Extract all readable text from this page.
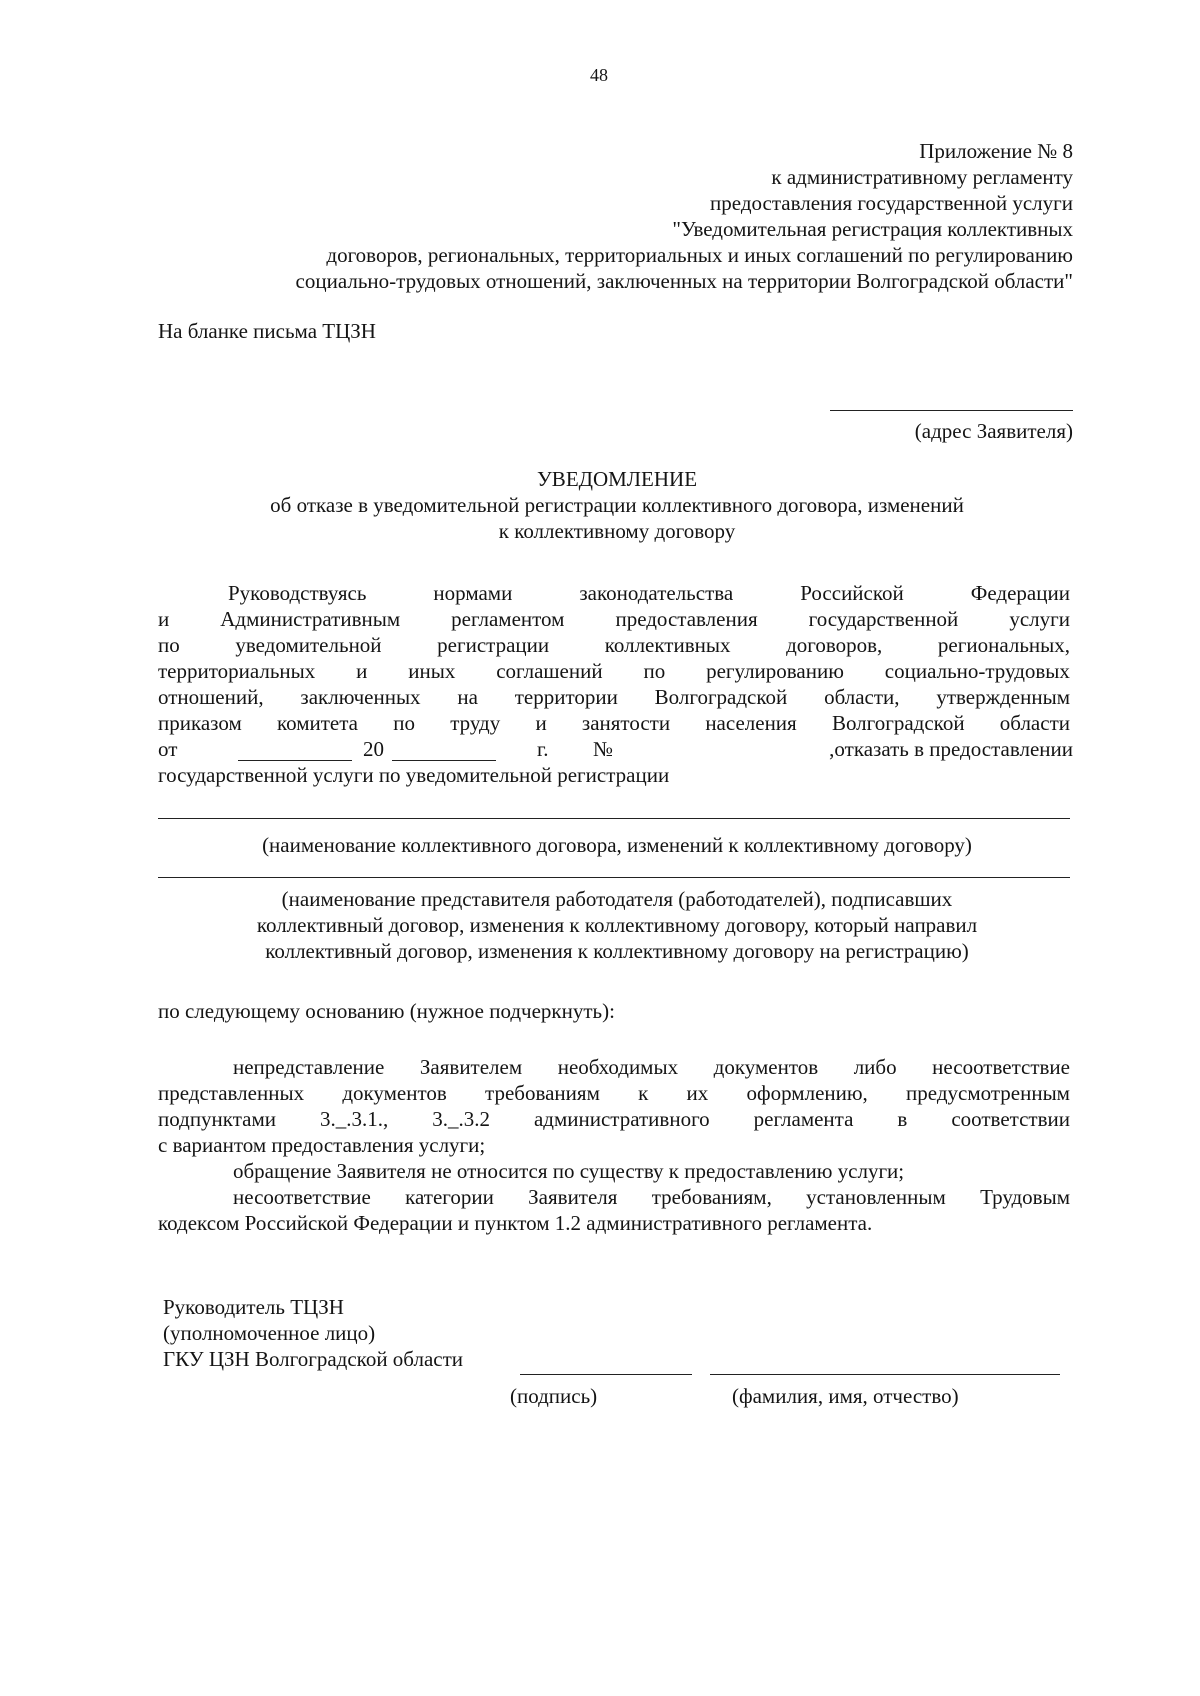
48
Приложение № 8
к административному регламенту
предоставления государственной услуги
"Уведомительная регистрация коллективных
договоров, региональных, территориальных и иных соглашений по регулированию
социально-трудовых отношений, заключенных на территории Волгоградской области"
На бланке письма ТЦЗН
(адрес Заявителя)
УВЕДОМЛЕНИЕ
об отказе в уведомительной регистрации коллективного договора, изменений
к коллективному договору
Руководствуясь	нормами	законодательства	Российской	Федерации
и Административным регламентом предоставления государственной услуги
по	уведомительной	регистрации	коллективных	договоров,	региональных,
территориальных и иных соглашений по регулированию социально-трудовых
отношений, заключенных на территории Волгоградской области, утвержденным
приказом комитета по труду и занятости населения Волгоградской области
от	20	г. №	,отказать в предоставлении
государственной услуги по уведомительной регистрации
(наименование коллективного договора, изменений к коллективному договору)
(наименование представителя работодателя (работодателей), подписавших
коллективный договор, изменения к коллективному договору, который направил
коллективный договор, изменения к коллективному договору на регистрацию)
по следующему основанию (нужное подчеркнуть):
непредставление Заявителем необходимых документов либо несоответствие
представленных документов требованиям к их оформлению, предусмотренным
подпунктами 3._.3.1., 3._.3.2 административного регламента в соответствии
с вариантом предоставления услуги;
обращение Заявителя не относится по существу к предоставлению услуги;
несоответствие категории Заявителя требованиям, установленным Трудовым
кодексом Российской Федерации и пунктом 1.2 административного регламента.
Руководитель ТЦЗН
(уполномоченное лицо)
ГКУ ЦЗН Волгоградской области
(подпись)	(фамилия, имя, отчество)
